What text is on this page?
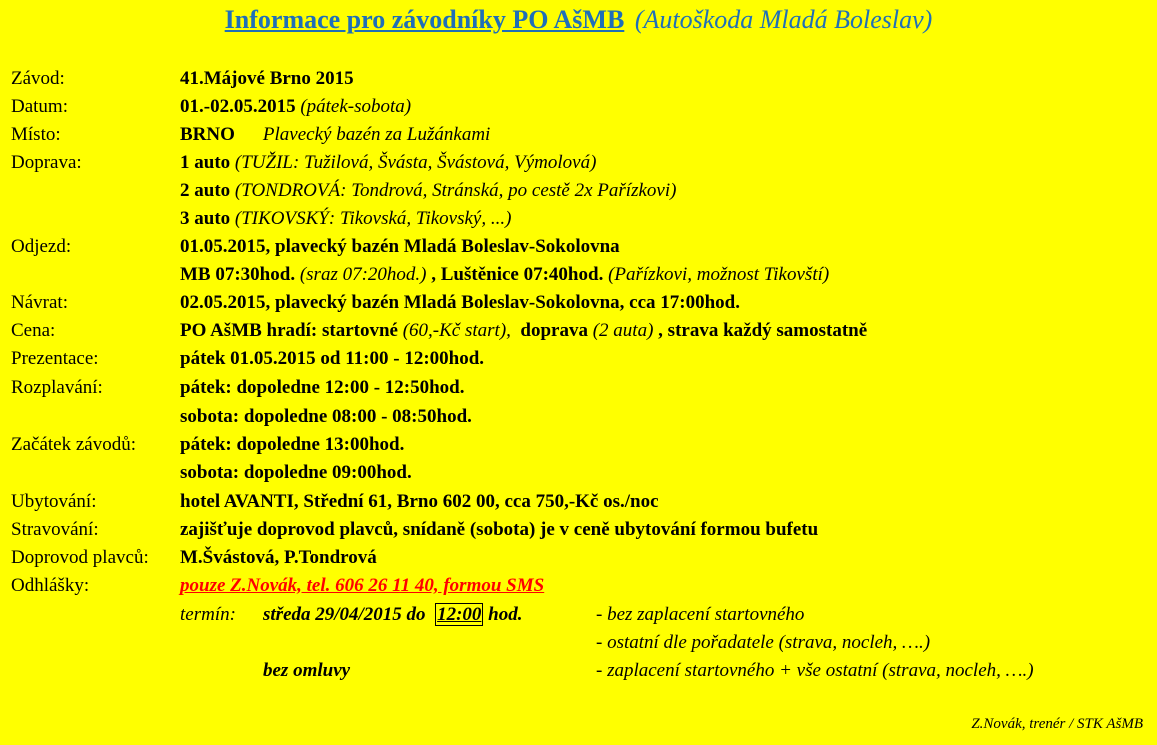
Informace pro závodníky PO AšMB (Autoškoda Mladá Boleslav)
Závod:	41.Májové Brno 2015
Datum:	01.-02.05.2015 (pátek-sobota)
Místo:	BRNO Plavecký bazén za Lužánkami
Doprava:	1 auto (TUŽIL: Tužilová, Švásta, Švástová, Výmolová)
2 auto (TONDROVÁ: Tondrová, Stránská, po cestě 2x Pařízkovi)
3 auto (TIKOVSKÝ: Tikovská, Tikovský, ...)
Odjezd:	01.05.2015, plavecký bazén Mladá Boleslav-Sokolovna
MB 07:30hod. (sraz 07:20hod.) , Luštěnice 07:40hod. (Pařízkovi, možnost Tikovští)
Návrat:	02.05.2015, plavecký bazén Mladá Boleslav-Sokolovna, cca 17:00hod.
Cena:	PO AšMB hradí: startovné (60,-Kč start), doprava (2 auta) , strava každý samostatně
Prezentace:	pátek 01.05.2015 od 11:00 - 12:00hod.
Rozplavání:	pátek: dopoledne 12:00 - 12:50hod.
sobota: dopoledne 08:00 - 08:50hod.
Začátek závodů: pátek: dopoledne 13:00hod.
sobota: dopoledne 09:00hod.
Ubytování:	hotel AVANTI, Střední 61, Brno 602 00, cca 750,-Kč os./noc
Stravování:	zajišťuje doprovod plavců, snídaně (sobota) je v ceně ubytování formou bufetu
Doprovod plavců: M.Švástová, P.Tondrová
Odhlášky:	pouze Z.Novák, tel. 606 26 11 40, formou SMS
termín: středa 29/04/2015 do 12:00 hod.	- bez zaplacení startovného
- ostatní dle pořadatele (strava, nocleh, ….)
bez omluvy	- zaplacení startovného + vše ostatní (strava, nocleh, ….)
Z.Novák, trenér / STK AšMB
